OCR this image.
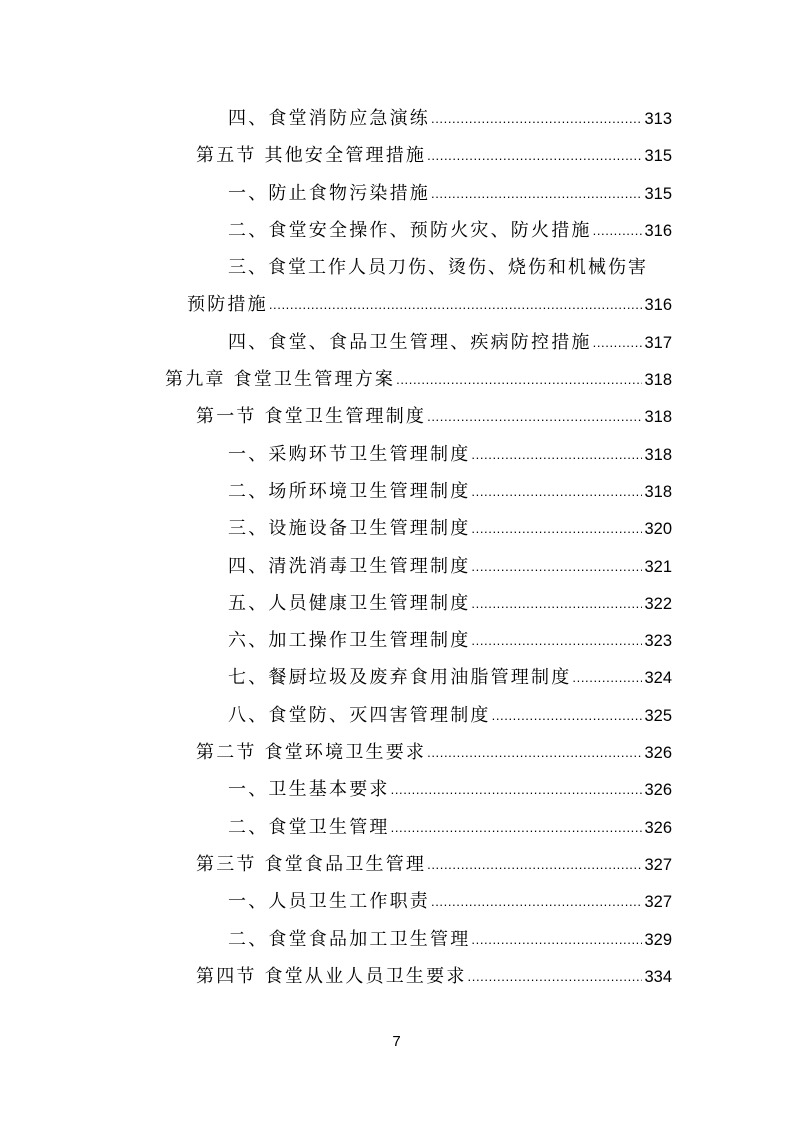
四、食堂消防应急演练 .....	313
第五节 其他安全管理措施 .....	315
一、防止食物污染措施 .....	315
二、食堂安全操作、预防火灾、防火措施 .....	316
三、食堂工作人员刀伤、烫伤、烧伤和机械伤害
预防措施 .....	316
四、食堂、食品卫生管理、疾病防控措施 .....	317
第九章 食堂卫生管理方案 .....	318
第一节 食堂卫生管理制度 .....	318
一、采购环节卫生管理制度 .....	318
二、场所环境卫生管理制度 .....	318
三、设施设备卫生管理制度 .....	320
四、清洗消毒卫生管理制度 .....	321
五、人员健康卫生管理制度 .....	322
六、加工操作卫生管理制度 .....	323
七、餐厨垃圾及废弃食用油脂管理制度 .....	324
八、食堂防、灭四害管理制度 .....	325
第二节 食堂环境卫生要求 .....	326
一、卫生基本要求 .....	326
二、食堂卫生管理 .....	326
第三节 食堂食品卫生管理 .....	327
一、人员卫生工作职责 .....	327
二、食堂食品加工卫生管理 .....	329
第四节 食堂从业人员卫生要求 .....	334
7
